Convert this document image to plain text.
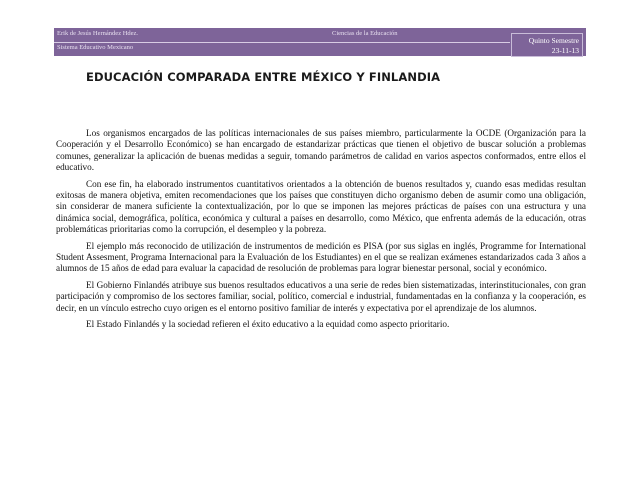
Erik de Jesús Hernández Hdez.
Sistema Educativo Mexicano
Ciencias de la Educación
Quinto Semestre
23-11-13
EDUCACIÓN COMPARADA ENTRE MÉXICO Y FINLANDIA

Los organismos encargados de las políticas internacionales de sus países miembro, particularmente la OCDE (Organización para la Cooperación y el Desarrollo Económico) se han encargado de estandarizar prácticas que tienen el objetivo de buscar solución a problemas comunes, generalizar la aplicación de buenas medidas a seguir, tomando parámetros de calidad en varios aspectos conformados, entre ellos el educativo.

Con ese fin, ha elaborado instrumentos cuantitativos orientados a la obtención de buenos resultados y, cuando esas medidas resultan exitosas de manera objetiva, emiten recomendaciones que los países que constituyen dicho organismo deben de asumir como una obligación, sin considerar de manera suficiente la contextualización, por lo que se imponen las mejores prácticas de países con una estructura y una dinámica social, demográfica, política, económica y cultural a países en desarrollo, como México, que enfrenta además de la educación, otras problemáticas prioritarias como la corrupción, el desempleo y la pobreza.

El ejemplo más reconocido de utilización de instrumentos de medición es PISA (por sus siglas en inglés, Programme for International Student Assesment, Programa Internacional para la Evaluación de los Estudiantes) en el que se realizan exámenes estandarizados cada 3 años a alumnos de 15 años de edad para evaluar la capacidad de resolución de problemas para lograr bienestar personal, social y económico.

El Gobierno Finlandés atribuye sus buenos resultados educativos a una serie de redes bien sistematizadas, interinstitucionales, con gran participación y compromiso de los sectores familiar, social, político, comercial e industrial, fundamentadas en la confianza y la cooperación, es decir, en un vínculo estrecho cuyo origen es el entorno positivo familiar de interés y expectativa por el aprendizaje de los alumnos.

El Estado Finlandés y la sociedad refieren el éxito educativo a la equidad como aspecto prioritario.
